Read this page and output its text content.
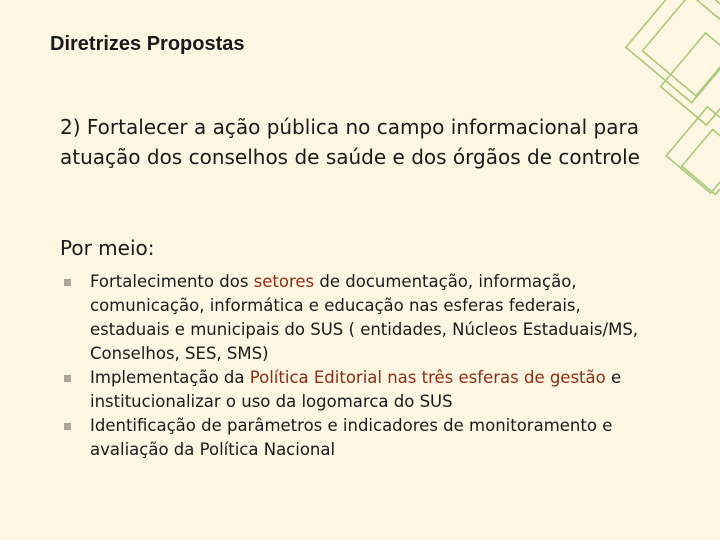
Diretrizes Propostas

2) Fortalecer a ação pública no campo informacional para atuação dos conselhos de saúde e dos órgãos de controle

Por meio:

Fortalecimento dos setores de documentação, informação, comunicação, informática e educação nas esferas federais, estaduais e municipais do SUS ( entidades, Núcleos Estaduais/MS, Conselhos, SES, SMS)
Implementação da Política Editorial nas três esferas de gestão e institucionalizar o uso da logomarca do SUS
Identificação de parâmetros e indicadores de monitoramento e avaliação da Política Nacional
